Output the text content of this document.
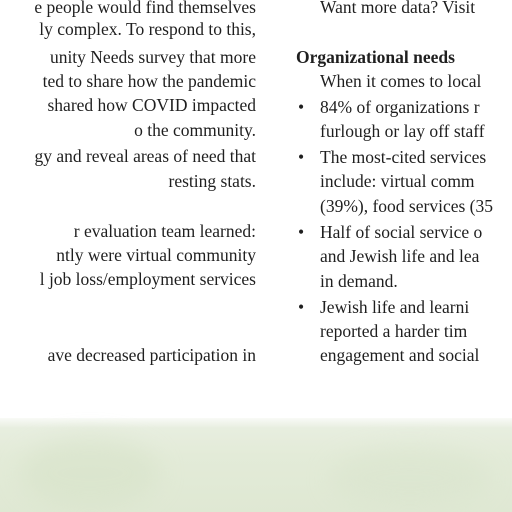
e people would find themselves
ly complex. To respond to this,
unity Needs survey that more
ted to share how the pandemic
shared how COVID impacted
o the community.
gy and reveal areas of need that
resting stats.
r evaluation team learned:
ntly were virtual community
l job loss/employment services
ave decreased participation in
Want more data? Visit
Organizational needs
When it comes to local
• 84% of organizations r
furlough or lay off staff
• The most-cited services
include: virtual comm
(39%), food services (35
• Half of social service o
and Jewish life and lea
in demand.
• Jewish life and learni
reported a harder tim
engagement and social
